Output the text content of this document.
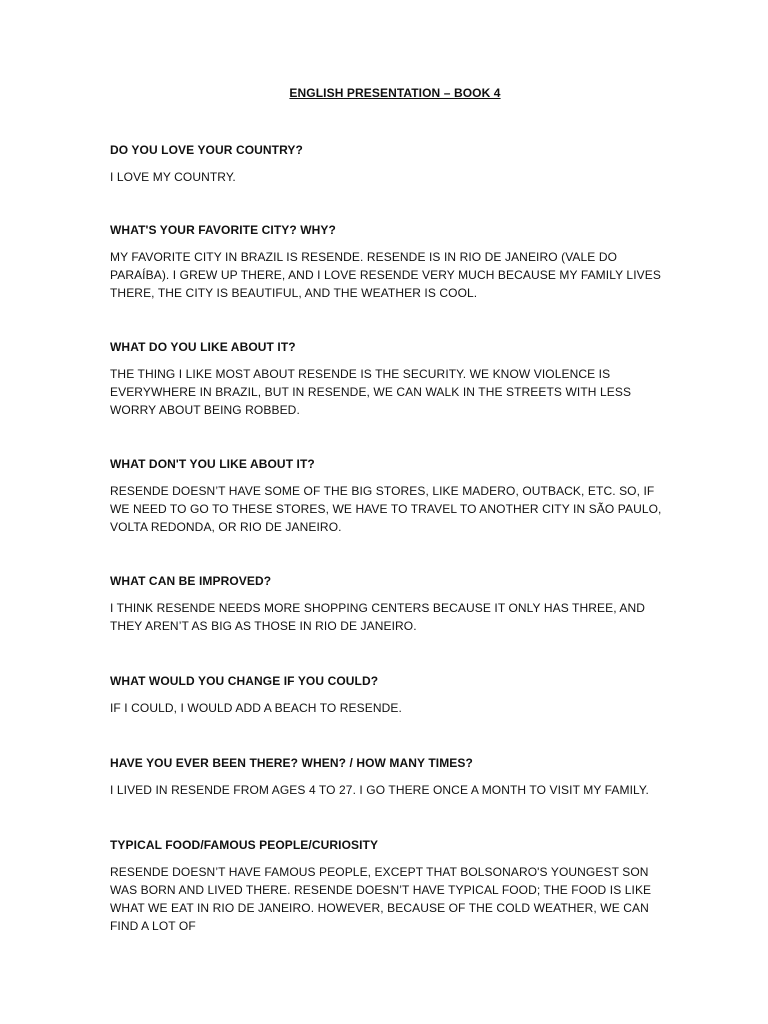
ENGLISH PRESENTATION – BOOK 4

DO YOU LOVE YOUR COUNTRY?

I LOVE MY COUNTRY.

WHAT'S YOUR FAVORITE CITY? WHY?

MY FAVORITE CITY IN BRAZIL IS RESENDE. RESENDE IS IN RIO DE JANEIRO (VALE DO PARAÍBA). I GREW UP THERE, AND I LOVE RESENDE VERY MUCH BECAUSE MY FAMILY LIVES THERE, THE CITY IS BEAUTIFUL, AND THE WEATHER IS COOL.

WHAT DO YOU LIKE ABOUT IT?

THE THING I LIKE MOST ABOUT RESENDE IS THE SECURITY. WE KNOW VIOLENCE IS EVERYWHERE IN BRAZIL, BUT IN RESENDE, WE CAN WALK IN THE STREETS WITH LESS WORRY ABOUT BEING ROBBED.

WHAT DON'T YOU LIKE ABOUT IT?

RESENDE DOESN’T HAVE SOME OF THE BIG STORES, LIKE MADERO, OUTBACK, ETC. SO, IF WE NEED TO GO TO THESE STORES, WE HAVE TO TRAVEL TO ANOTHER CITY IN SÃO PAULO, VOLTA REDONDA, OR RIO DE JANEIRO.

WHAT CAN BE IMPROVED?

I THINK RESENDE NEEDS MORE SHOPPING CENTERS BECAUSE IT ONLY HAS THREE, AND THEY AREN’T AS BIG AS THOSE IN RIO DE JANEIRO.

WHAT WOULD YOU CHANGE IF YOU COULD?

IF I COULD, I WOULD ADD A BEACH TO RESENDE.

HAVE YOU EVER BEEN THERE? WHEN? / HOW MANY TIMES?

I LIVED IN RESENDE FROM AGES 4 TO 27. I GO THERE ONCE A MONTH TO VISIT MY FAMILY.

TYPICAL FOOD/FAMOUS PEOPLE/CURIOSITY

RESENDE DOESN’T HAVE FAMOUS PEOPLE, EXCEPT THAT BOLSONARO'S YOUNGEST SON WAS BORN AND LIVED THERE. RESENDE DOESN’T HAVE TYPICAL FOOD; THE FOOD IS LIKE WHAT WE EAT IN RIO DE JANEIRO. HOWEVER, BECAUSE OF THE COLD WEATHER, WE CAN FIND A LOT OF
